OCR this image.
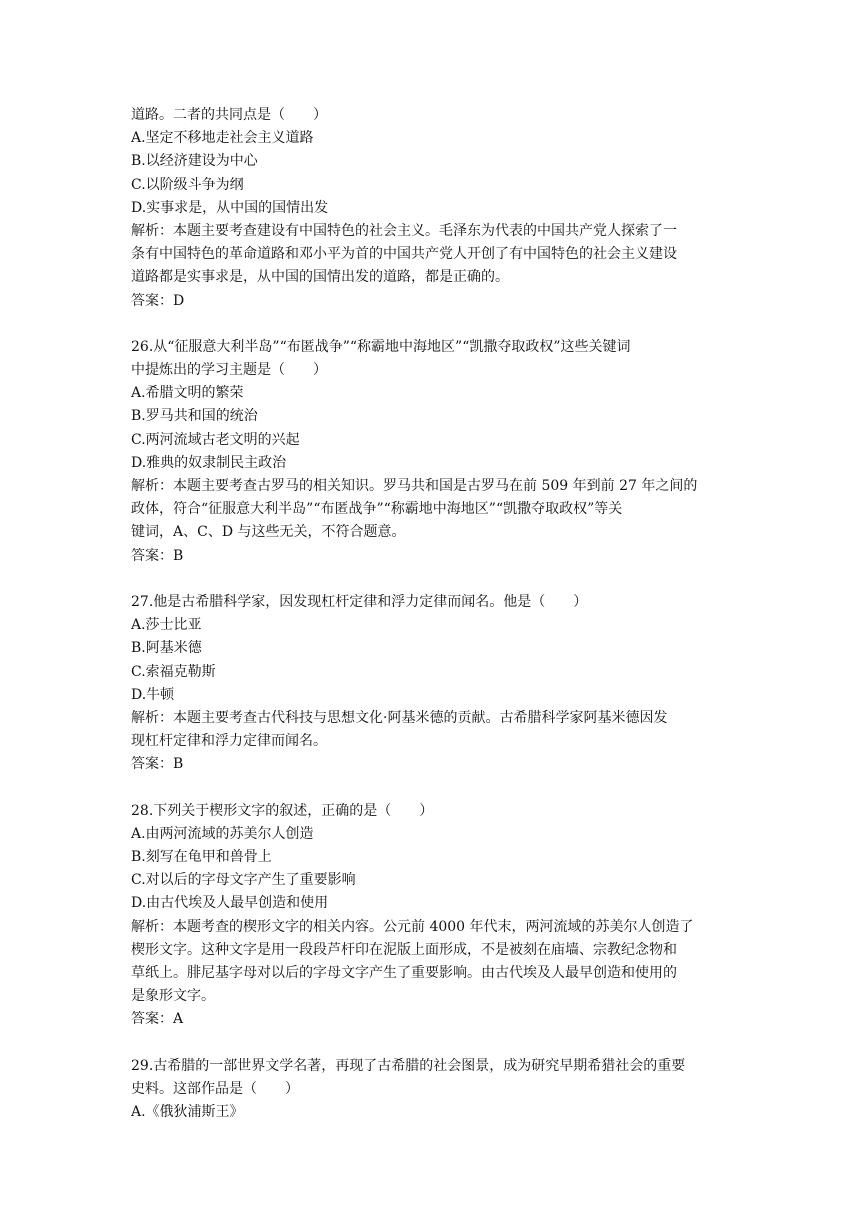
道路。二者的共同点是（　　）
A.坚定不移地走社会主义道路
B.以经济建设为中心
C.以阶级斗争为纲
D.实事求是，从中国的国情出发
解析：本题主要考查建设有中国特色的社会主义。毛泽东为代表的中国共产党人探索了一
条有中国特色的革命道路和邓小平为首的中国共产党人开创了有中国特色的社会主义建设
道路都是实事求是，从中国的国情出发的道路，都是正确的。
答案：D
26.从“征服意大利半岛”“布匿战争”“称霸地中海地区”“凯撒夺取政权”这些关键词
中提炼出的学习主题是（　　）
A.希腊文明的繁荣
B.罗马共和国的统治
C.两河流域古老文明的兴起
D.雅典的奴隶制民主政治
解析：本题主要考查古罗马的相关知识。罗马共和国是古罗马在前 509 年到前 27 年之间的
政体，符合“征服意大利半岛”“布匿战争”“称霸地中海地区”“凯撒夺取政权”等关
键词，A、C、D 与这些无关，不符合题意。
答案：B
27.他是古希腊科学家，因发现杠杆定律和浮力定律而闻名。他是（　　）
A.莎士比亚
B.阿基米德
C.索福克勒斯
D.牛顿
解析：本题主要考查古代科技与思想文化·阿基米德的贡献。古希腊科学家阿基米德因发
现杠杆定律和浮力定律而闻名。
答案：B
28.下列关于楔形文字的叙述，正确的是（　　）
A.由两河流域的苏美尔人创造
B.刻写在龟甲和兽骨上
C.对以后的字母文字产生了重要影响
D.由古代埃及人最早创造和使用
解析：本题考查的楔形文字的相关内容。公元前 4000 年代末，两河流域的苏美尔人创造了
楔形文字。这种文字是用一段段芦杆印在泥版上面形成，不是被刻在庙墙、宗教纪念物和
草纸上。腓尼基字母对以后的字母文字产生了重要影响。由古代埃及人最早创造和使用的
是象形文字。
答案：A
29.古希腊的一部世界文学名著，再现了古希腊的社会图景，成为研究早期希猎社会的重要
史料。这部作品是（　　）
A.《俄狄浦斯王》
